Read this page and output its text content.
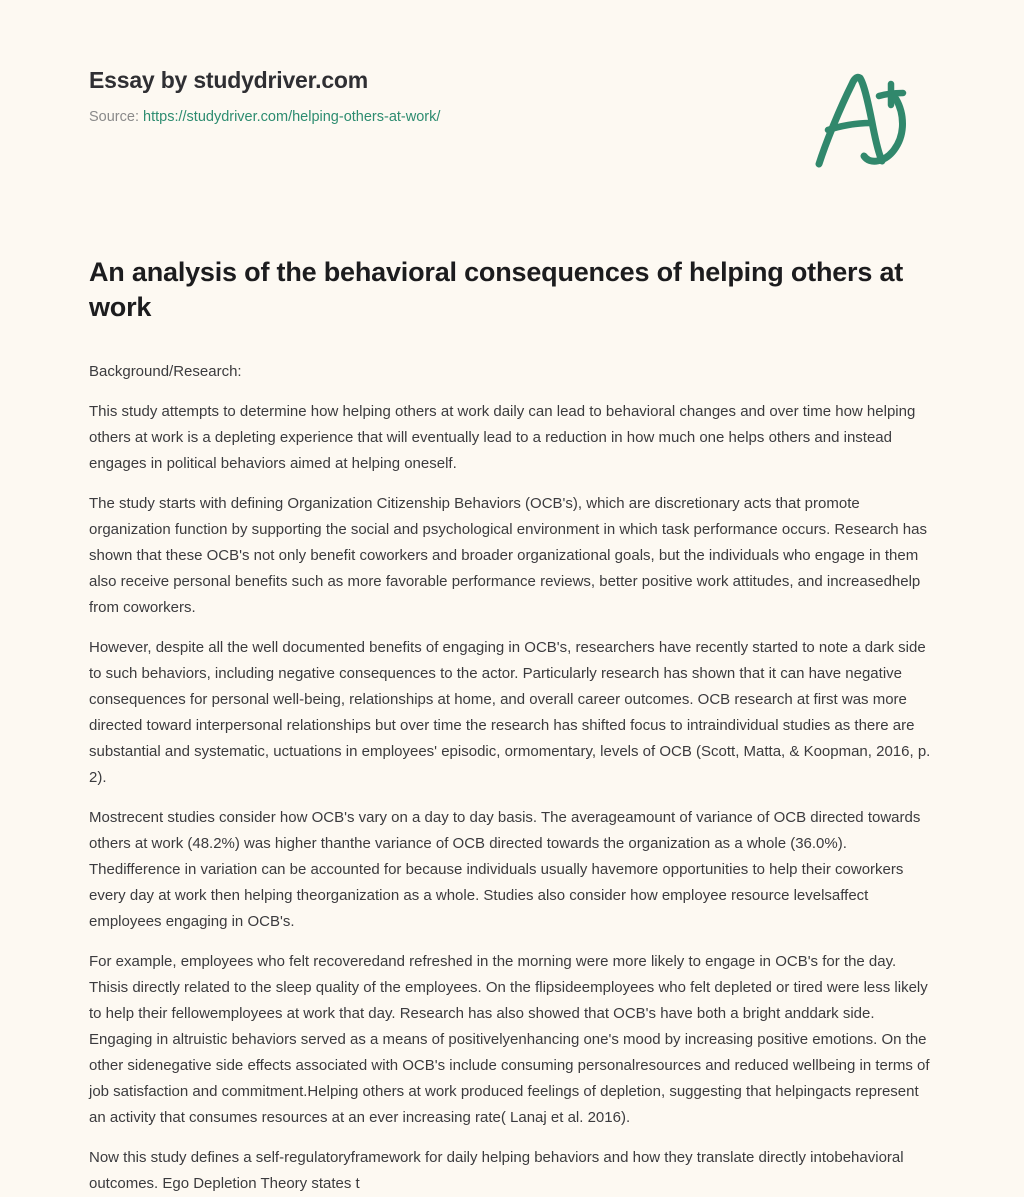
Essay by studydriver.com
Source: https://studydriver.com/helping-others-at-work/
An analysis of the behavioral consequences of helping others at work

Background/Research:

This study attempts to determine how helping others at work daily can lead to behavioral changes and over time how helping others at work is a depleting experience that will eventually lead to a reduction in how much one helps others and instead engages in political behaviors aimed at helping oneself.

The study starts with defining Organization Citizenship Behaviors (OCB's), which are discretionary acts that promote organization function by supporting the social and psychological environment in which task performance occurs. Research has shown that these OCB's not only benefit coworkers and broader organizational goals, but the individuals who engage in them also receive personal benefits such as more favorable performance reviews, better positive work attitudes, and increasedhelp from coworkers.

However, despite all the well documented benefits of engaging in OCB's, researchers have recently started to note a dark side to such behaviors, including negative consequences to the actor. Particularly research has shown that it can have negative consequences for personal well-being, relationships at home, and overall career outcomes. OCB research at first was more directed toward interpersonal relationships but over time the research has shifted focus to intraindividual studies as there are substantial and systematic, uctuations in employees' episodic, ormomentary, levels of OCB (Scott, Matta, & Koopman, 2016, p. 2).

Mostrecent studies consider how OCB's vary on a day to day basis. The averageamount of variance of OCB directed towards others at work (48.2%) was higher thanthe variance of OCB directed towards the organization as a whole (36.0%). Thedifference in variation can be accounted for because individuals usually havemore opportunities to help their coworkers every day at work then helping theorganization as a whole. Studies also consider how employee resource levelsaffect employees engaging in OCB's.

For example, employees who felt recoveredand refreshed in the morning were more likely to engage in OCB's for the day. Thisis directly related to the sleep quality of the employees. On the flipsideemployees who felt depleted or tired were less likely to help their fellowemployees at work that day. Research has also showed that OCB's have both a bright anddark side. Engaging in altruistic behaviors served as a means of positivelyenhancing one's mood by increasing positive emotions. On the other sidenegative side effects associated with OCB's include consuming personalresources and reduced wellbeing in terms of job satisfaction and commitment.Helping others at work produced feelings of depletion, suggesting that helpingacts represent an activity that consumes resources at an ever increasing rate( Lanaj et al. 2016).

Now this study defines a self-regulatoryframework for daily helping behaviors and how they translate directly intobehavioral outcomes. Ego Depletion Theory states t
